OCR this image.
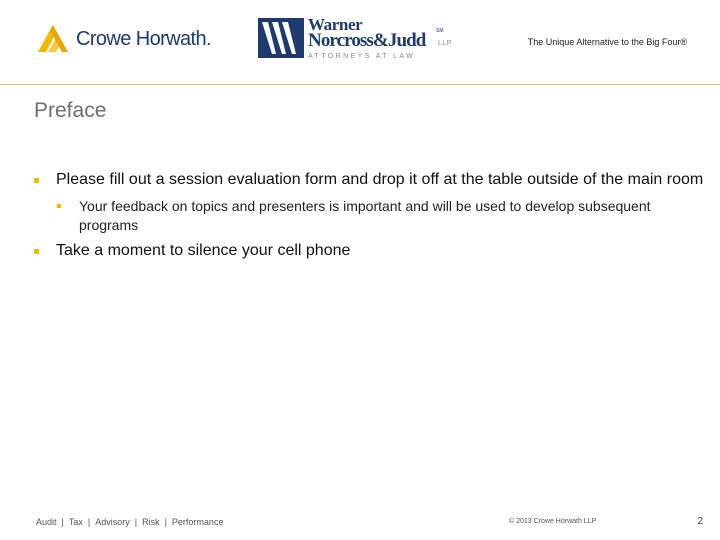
Crowe Horwath.
Warner
Norcross&Judd SM
LLP
ATTORNEYS AT LAW
The Unique Alternative to the Big Four®
Preface
Please fill out a session evaluation form and drop it off at the table outside of the main room
Your feedback on topics and presenters is important and will be used to develop subsequent programs
Take a moment to silence your cell phone
Audit | Tax | Advisory | Risk | Performance	© 2013 Crowe Horwath LLP	2
